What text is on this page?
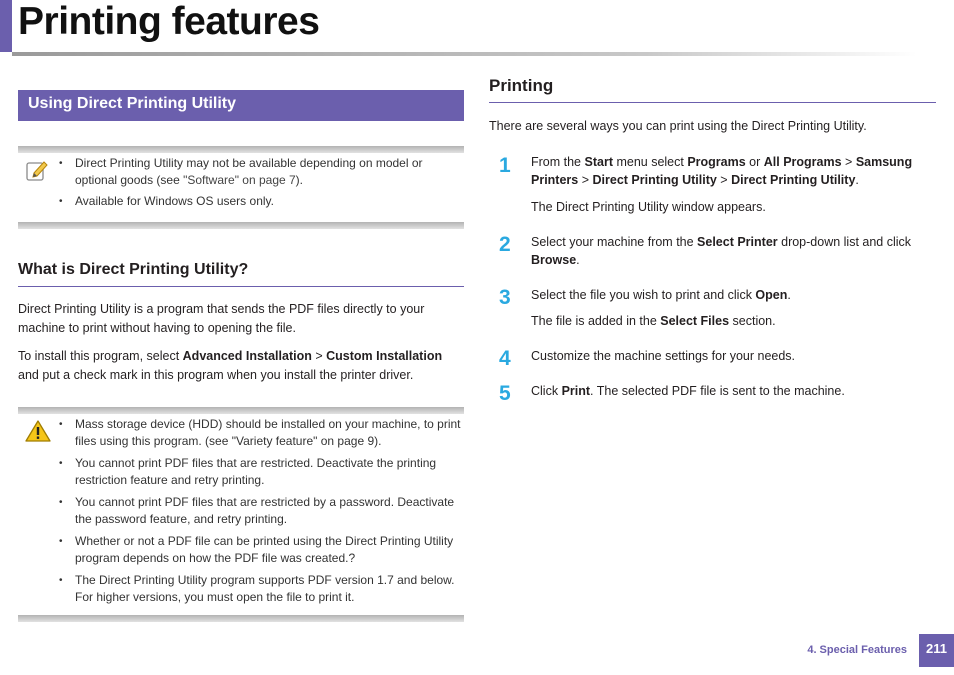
Printing features
Using Direct Printing Utility
• Direct Printing Utility may not be available depending on model or optional goods (see "Software" on page 7).
• Available for Windows OS users only.
What is Direct Printing Utility?

Direct Printing Utility is a program that sends the PDF files directly to your machine to print without having to opening the file.

To install this program, select Advanced Installation > Custom Installation and put a check mark in this program when you install the printer driver.

• Mass storage device (HDD) should be installed on your machine, to print files using this program. (see "Variety feature" on page 9).
• You cannot print PDF files that are restricted. Deactivate the printing restriction feature and retry printing.
• You cannot print PDF files that are restricted by a password. Deactivate the password feature, and retry printing.
• Whether or not a PDF file can be printed using the Direct Printing Utility program depends on how the PDF file was created.?
• The Direct Printing Utility program supports PDF version 1.7 and below. For higher versions, you must open the file to print it.
Printing

There are several ways you can print using the Direct Printing Utility.

1 From the Start menu select Programs or All Programs > Samsung Printers > Direct Printing Utility > Direct Printing Utility.

The Direct Printing Utility window appears.

2 Select your machine from the Select Printer drop-down list and click Browse.

3 Select the file you wish to print and click Open.

The file is added in the Select Files section.

4 Customize the machine settings for your needs.

5 Click Print. The selected PDF file is sent to the machine.

4. Special Features	211
